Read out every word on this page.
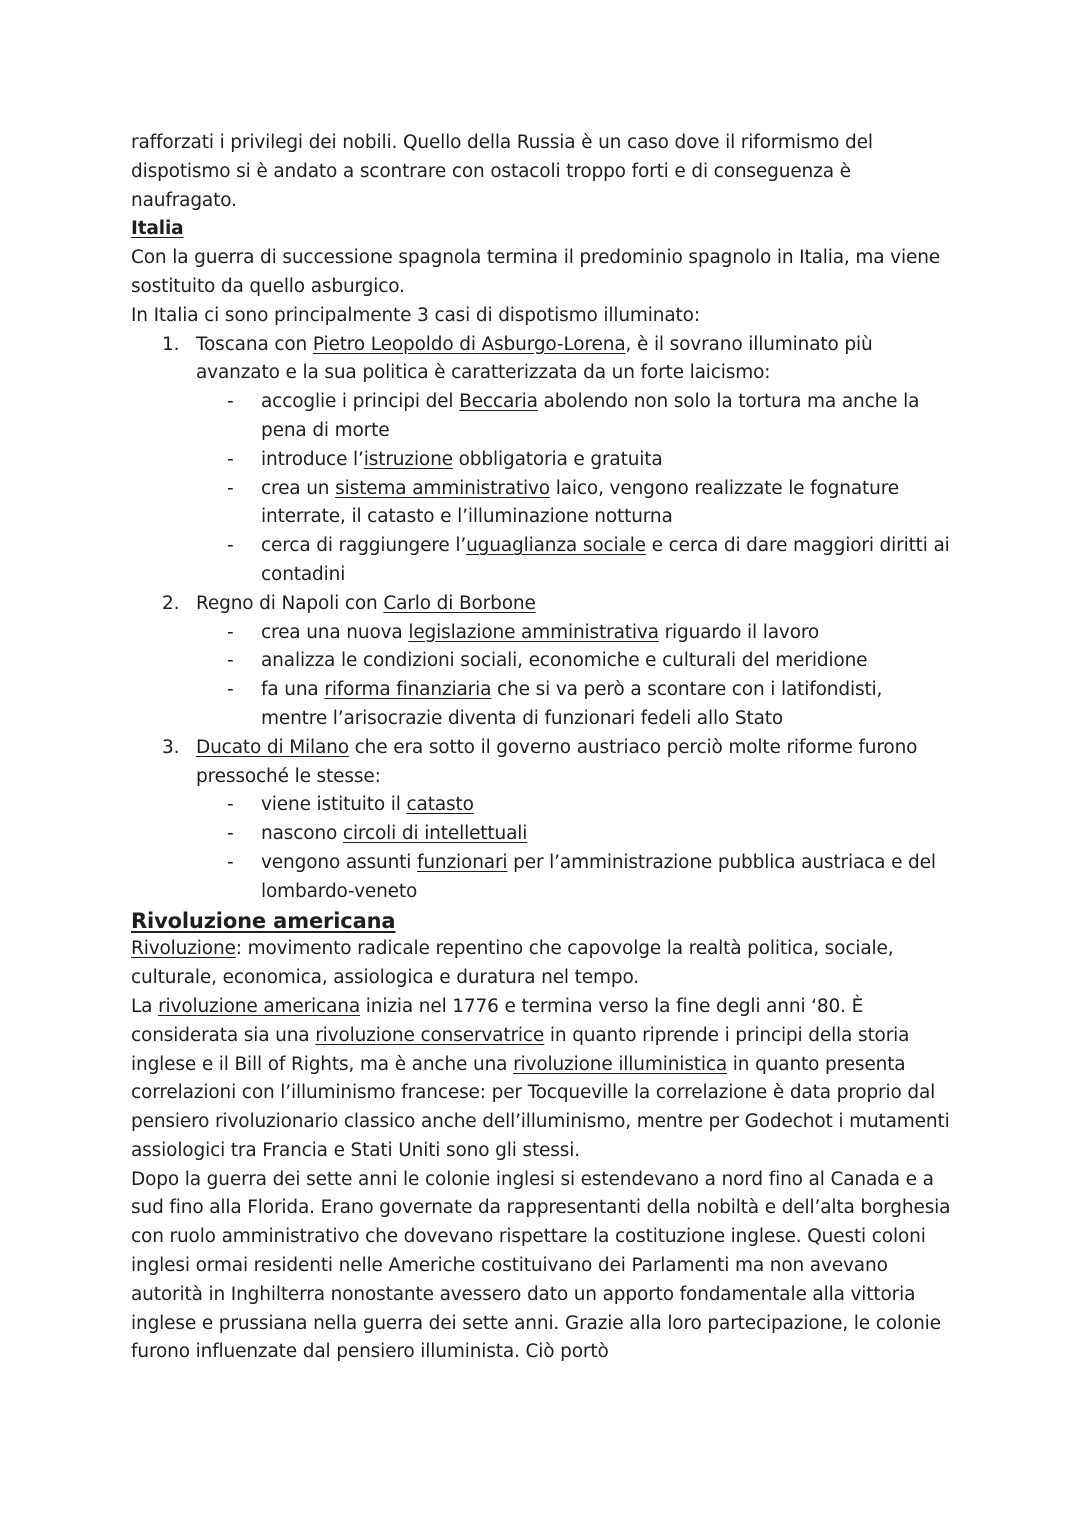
rafforzati i privilegi dei nobili. Quello della Russia è un caso dove il riformismo del dispotismo si è andato a scontrare con ostacoli troppo forti e di conseguenza è naufragato.

Italia

Con la guerra di successione spagnola termina il predominio spagnolo in Italia, ma viene sostituito da quello asburgico.

In Italia ci sono principalmente 3 casi di dispotismo illuminato:

1. Toscana con Pietro Leopoldo di Asburgo-Lorena, è il sovrano illuminato più avanzato e la sua politica è caratterizzata da un forte laicismo:
- accoglie i principi del Beccaria abolendo non solo la tortura ma anche la pena di morte
- introduce l’istruzione obbligatoria e gratuita
- crea un sistema amministrativo laico, vengono realizzate le fognature interrate, il catasto e l’illuminazione notturna
- cerca di raggiungere l’uguaglianza sociale e cerca di dare maggiori diritti ai contadini
2. Regno di Napoli con Carlo di Borbone
- crea una nuova legislazione amministrativa riguardo il lavoro
- analizza le condizioni sociali, economiche e culturali del meridione
- fa una riforma finanziaria che si va però a scontare con i latifondisti, mentre l’arisocrazie diventa di funzionari fedeli allo Stato
3. Ducato di Milano che era sotto il governo austriaco perciò molte riforme furono pressoché le stesse:
- viene istituito il catasto
- nascono circoli di intellettuali
- vengono assunti funzionari per l’amministrazione pubblica austriaca e del lombardo-veneto
Rivoluzione americana

Rivoluzione: movimento radicale repentino che capovolge la realtà politica, sociale, culturale, economica, assiologica e duratura nel tempo.

La rivoluzione americana inizia nel 1776 e termina verso la fine degli anni ‘80. È considerata sia una rivoluzione conservatrice in quanto riprende i principi della storia inglese e il Bill of Rights, ma è anche una rivoluzione illuministica in quanto presenta correlazioni con l’illuminismo francese: per Tocqueville la correlazione è data proprio dal

pensiero rivoluzionario classico anche dell’illuminismo, mentre per Godechot i mutamenti assiologici tra Francia e Stati Uniti sono gli stessi.

Dopo la guerra dei sette anni le colonie inglesi si estendevano a nord fino al Canada e a sud fino alla Florida. Erano governate da rappresentanti della nobiltà e dell’alta borghesia con ruolo amministrativo che dovevano rispettare la costituzione inglese. Questi coloni inglesi ormai residenti nelle Americhe costituivano dei Parlamenti ma non avevano autorità in Inghilterra nonostante avessero dato un apporto fondamentale alla vittoria inglese e prussiana nella guerra dei sette anni. Grazie alla loro partecipazione, le colonie furono influenzate dal pensiero illuminista. Ciò portò
